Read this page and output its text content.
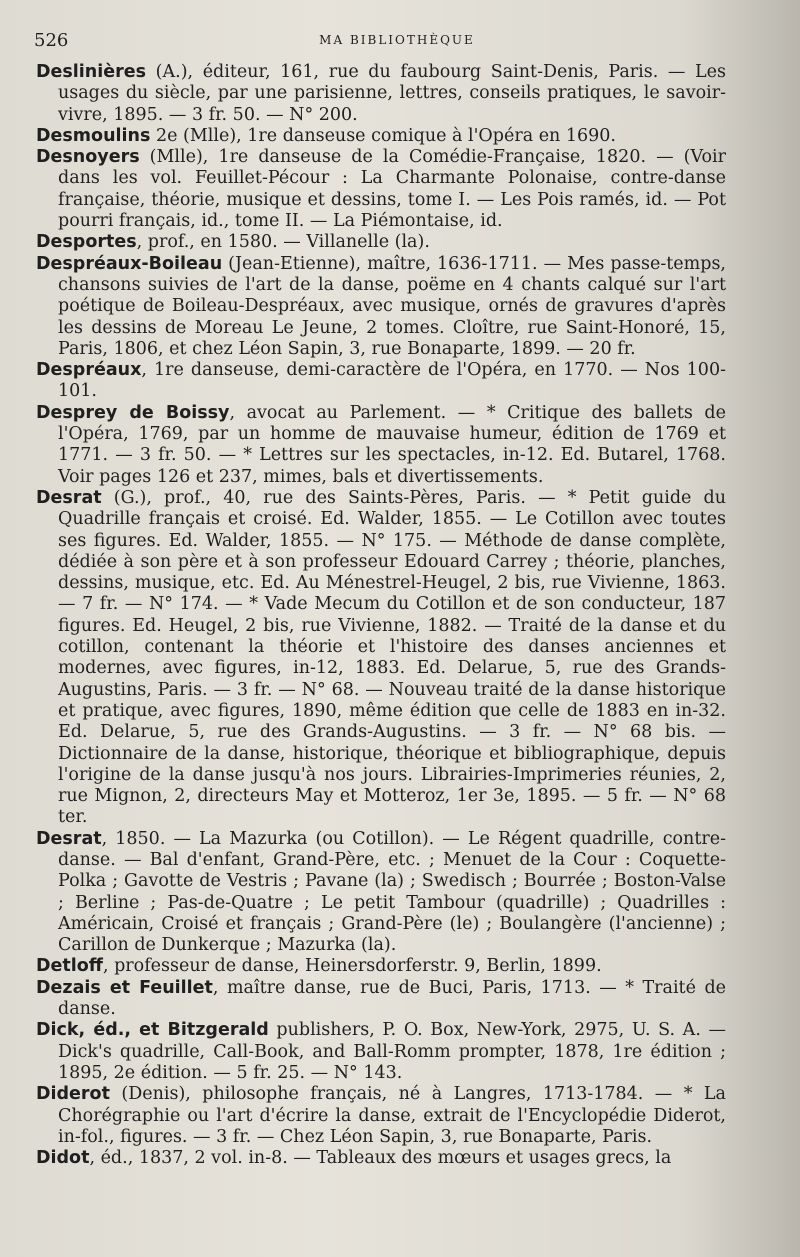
526	MA BIBLIOTHÈQUE

Deslinières (A.), éditeur, 161, rue du faubourg Saint-Denis, Paris. — Les usages du siècle, par une parisienne, lettres, conseils pratiques, le savoir-vivre, 1895. — 3 fr. 50. — N° 200.

Desmoulins 2e (Mlle), 1re danseuse comique à l'Opéra en 1690.

Desnoyers (Mlle), 1re danseuse de la Comédie-Française, 1820. — (Voir dans les vol. Feuillet-Pécour : La Charmante Polonaise, contre-danse française, théorie, musique et dessins, tome I. — Les Pois ramés, id. — Pot pourri français, id., tome II. — La Piémontaise, id.

Desportes, prof., en 1580. — Villanelle (la).

Despréaux-Boileau (Jean-Etienne), maître, 1636-1711. — Mes passe-temps, chansons suivies de l'art de la danse, poëme en 4 chants calqué sur l'art poétique de Boileau-Despréaux, avec musique, ornés de gravures d'après les dessins de Moreau Le Jeune, 2 tomes. Cloître, rue Saint-Honoré, 15, Paris, 1806, et chez Léon Sapin, 3, rue Bonaparte, 1899. — 20 fr.

Despréaux, 1re danseuse, demi-caractère de l'Opéra, en 1770. — Nos 100-101.

Desprey de Boissy, avocat au Parlement. — * Critique des ballets de l'Opéra, 1769, par un homme de mauvaise humeur, édition de 1769 et 1771. — 3 fr. 50. — * Lettres sur les spectacles, in-12. Ed. Butarel, 1768. Voir pages 126 et 237, mimes, bals et divertissements.

Desrat (G.), prof., 40, rue des Saints-Pères, Paris. — * Petit guide du Quadrille français et croisé. Ed. Walder, 1855. — Le Cotillon avec toutes ses figures. Ed. Walder, 1855. — N° 175. — Méthode de danse complète, dédiée à son père et à son professeur Edouard Carrey ; théorie, planches, dessins, musique, etc. Ed. Au Ménestrel-Heugel, 2 bis, rue Vivienne, 1863. — 7 fr. — N° 174. — * Vade Mecum du Cotillon et de son conducteur, 187 figures. Ed. Heugel, 2 bis, rue Vivienne, 1882. — Traité de la danse et du cotillon, contenant la théorie et l'histoire des danses anciennes et modernes, avec figures, in-12, 1883. Ed. Delarue, 5, rue des Grands-Augustins, Paris. — 3 fr. — N° 68. — Nouveau traité de la danse historique et pratique, avec figures, 1890, même édition que celle de 1883 en in-32. Ed. Delarue, 5, rue des Grands-Augustins. — 3 fr. — N° 68 bis. — Dictionnaire de la danse, historique, théorique et bibliographique, depuis l'origine de la danse jusqu'à nos jours. Librairies-Imprimeries réunies, 2, rue Mignon, 2, directeurs May et Motteroz, 1er 3e, 1895. — 5 fr. — N° 68 ter.

Desrat, 1850. — La Mazurka (ou Cotillon). — Le Régent quadrille, contre-danse. — Bal d'enfant, Grand-Père, etc. ; Menuet de la Cour : Coquette-Polka ; Gavotte de Vestris ; Pavane (la) ; Swedisch ; Bourrée ; Boston-Valse ; Berline ; Pas-de-Quatre ; Le petit Tambour (quadrille) ; Quadrilles : Américain, Croisé et français ; Grand-Père (le) ; Boulangère (l'ancienne) ; Carillon de Dunkerque ; Mazurka (la).

Detloff, professeur de danse, Heinersdorferstr. 9, Berlin, 1899.

Dezais et Feuillet, maître danse, rue de Buci, Paris, 1713. — * Traité de danse.

Dick, éd., et Bitzgerald publishers, P. O. Box, New-York, 2975, U. S. A. — Dick's quadrille, Call-Book, and Ball-Romm prompter, 1878, 1re édition ; 1895, 2e édition. — 5 fr. 25. — N° 143.

Diderot (Denis), philosophe français, né à Langres, 1713-1784. — * La Chorégraphie ou l'art d'écrire la danse, extrait de l'Encyclopédie Diderot, in-fol., figures. — 3 fr. — Chez Léon Sapin, 3, rue Bonaparte, Paris.

Didot, éd., 1837, 2 vol. in-8. — Tableaux des mœurs et usages grecs, la
